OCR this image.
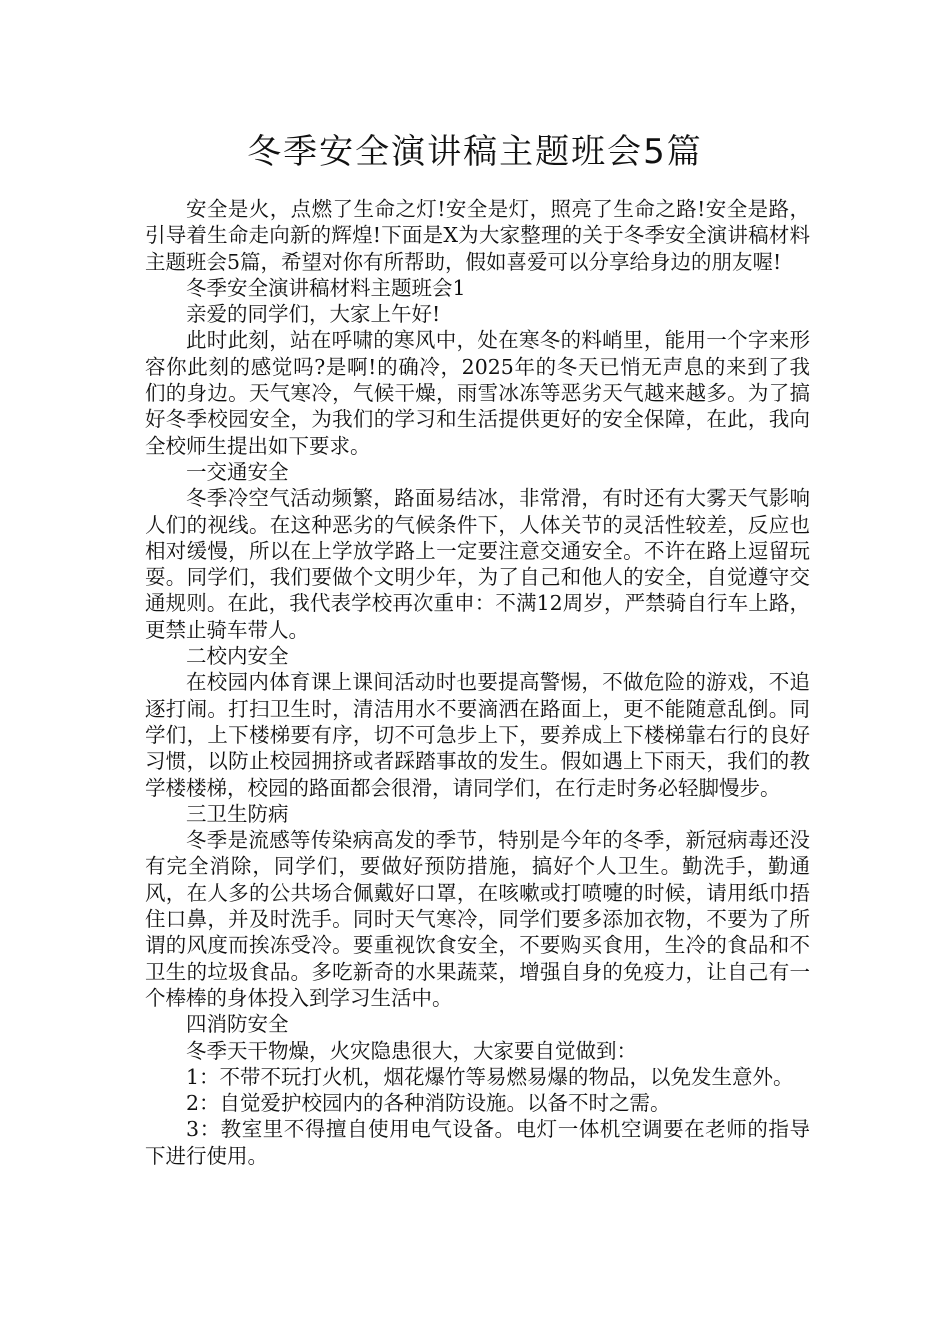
冬季安全演讲稿主题班会5篇

安全是火，点燃了生命之灯!安全是灯，照亮了生命之路!安全是路，引导着生命走向新的辉煌!下面是X为大家整理的关于冬季安全演讲稿材料主题班会5篇，希望对你有所帮助，假如喜爱可以分享给身边的朋友喔!

冬季安全演讲稿材料主题班会1

亲爱的同学们，大家上午好!

此时此刻，站在呼啸的寒风中，处在寒冬的料峭里，能用一个字来形容你此刻的感觉吗?是啊!的确冷，2025年的冬天已悄无声息的来到了我们的身边。天气寒冷，气候干燥，雨雪冰冻等恶劣天气越来越多。为了搞好冬季校园安全，为我们的学习和生活提供更好的安全保障，在此，我向全校师生提出如下要求。

一交通安全

冬季冷空气活动频繁，路面易结冰，非常滑，有时还有大雾天气影响人们的视线。在这种恶劣的气候条件下，人体关节的灵活性较差，反应也相对缓慢，所以在上学放学路上一定要注意交通安全。不许在路上逗留玩耍。同学们，我们要做个文明少年，为了自己和他人的安全，自觉遵守交通规则。在此，我代表学校再次重申：不满12周岁，严禁骑自行车上路，更禁止骑车带人。

二校内安全

在校园内体育课上课间活动时也要提高警惕，不做危险的游戏，不追逐打闹。打扫卫生时，清洁用水不要滴洒在路面上，更不能随意乱倒。同学们，上下楼梯要有序，切不可急步上下，要养成上下楼梯靠右行的良好习惯，以防止校园拥挤或者踩踏事故的发生。假如遇上下雨天，我们的教学楼楼梯，校园的路面都会很滑，请同学们，在行走时务必轻脚慢步。

三卫生防病

冬季是流感等传染病高发的季节，特别是今年的冬季，新冠病毒还没有完全消除，同学们，要做好预防措施，搞好个人卫生。勤洗手，勤通风，在人多的公共场合佩戴好口罩，在咳嗽或打喷嚏的时候，请用纸巾捂住口鼻，并及时洗手。同时天气寒冷，同学们要多添加衣物，不要为了所谓的风度而挨冻受冷。要重视饮食安全，不要购买食用，生冷的食品和不卫生的垃圾食品。多吃新奇的水果蔬菜，增强自身的免疫力，让自己有一个棒棒的身体投入到学习生活中。

四消防安全

冬季天干物燥，火灾隐患很大，大家要自觉做到：

1：不带不玩打火机，烟花爆竹等易燃易爆的物品，以免发生意外。

2：自觉爱护校园内的各种消防设施。以备不时之需。

3：教室里不得擅自使用电气设备。电灯一体机空调要在老师的指导下进行使用。
